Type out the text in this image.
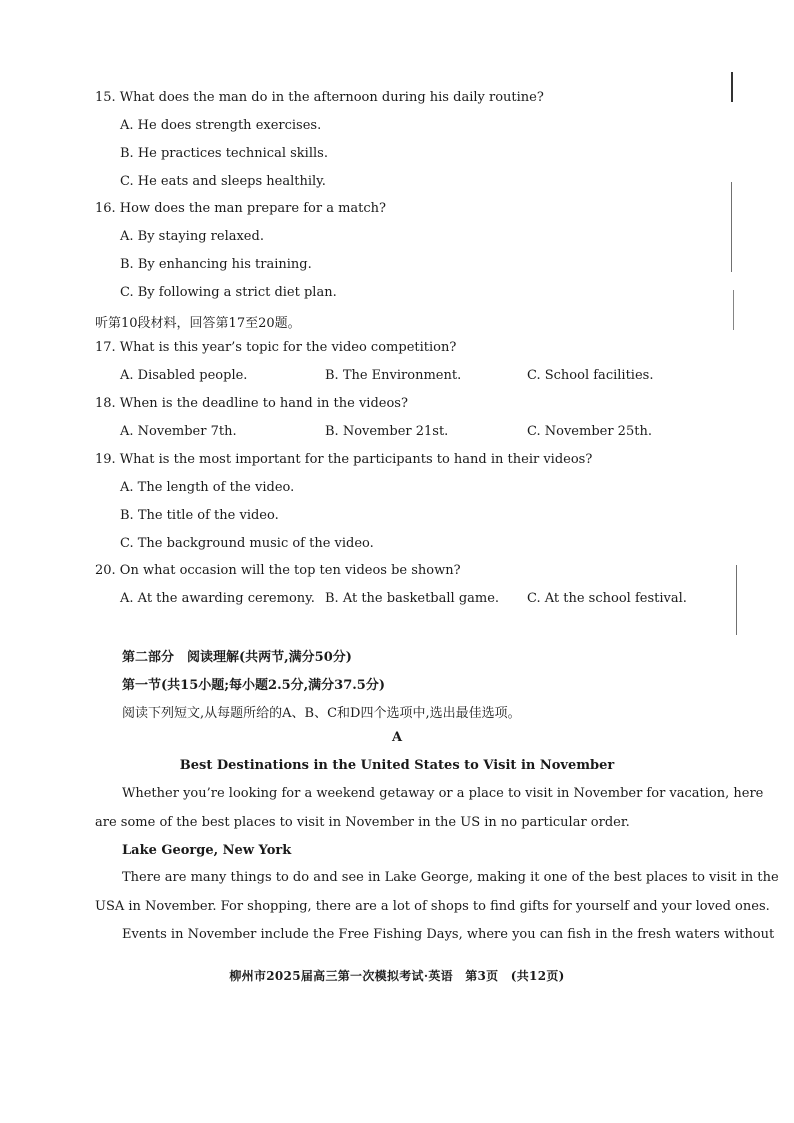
15. What does the man do in the afternoon during his daily routine?
A. He does strength exercises.
B. He practices technical skills.
C. He eats and sleeps healthily.
16. How does the man prepare for a match?
A. By staying relaxed.
B. By enhancing his training.
C. By following a strict diet plan.
听第10段材料，回答第17至20题。
17. What is this year’s topic for the video competition?
A. Disabled people.	B. The Environment.	C. School facilities.
18. When is the deadline to hand in the videos?
A. November 7th.	B. November 21st.	C. November 25th.
19. What is the most important for the participants to hand in their videos?
A. The length of the video.
B. The title of the video.
C. The background music of the video.
20. On what occasion will the top ten videos be shown?
A. At the awarding ceremony. B. At the basketball game. C. At the school festival.
第二部分　阅读理解(共两节,满分50分)
第一节(共15小题;每小题2.5分,满分37.5分)
阅读下列短文,从每题所给的A、B、C和D四个选项中,选出最佳选项。
A
Best Destinations in the United States to Visit in November
Whether you’re looking for a weekend getaway or a place to visit in November for vacation, here
are some of the best places to visit in November in the US in no particular order.
Lake George, New York
There are many things to do and see in Lake George, making it one of the best places to visit in the
USA in November. For shopping, there are a lot of shops to find gifts for yourself and your loved ones.
Events in November include the Free Fishing Days, where you can fish in the fresh waters without
柳州市2025届高三第一次模拟考试·英语　第3页　(共12页)
